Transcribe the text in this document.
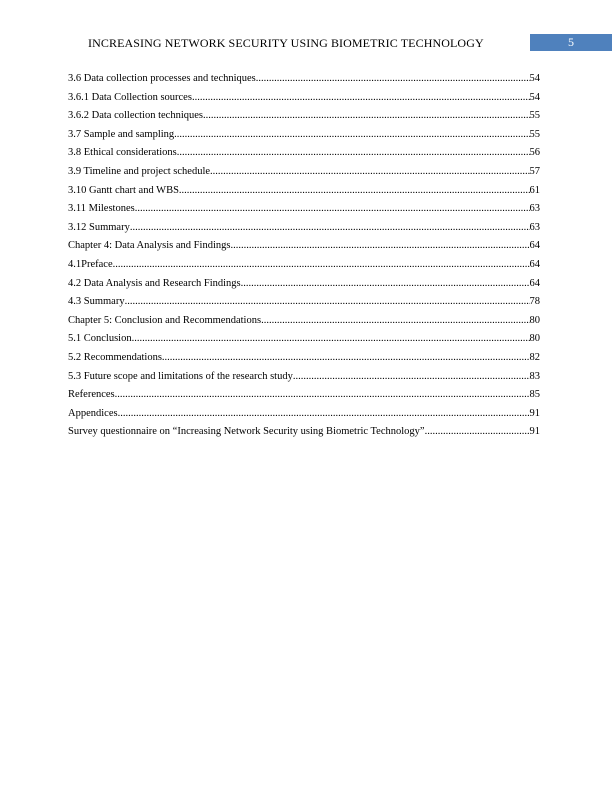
INCREASING NETWORK SECURITY USING BIOMETRIC TECHNOLOGY	5
3.6 Data collection processes and techniques .....	54
3.6.1 Data Collection sources .....	54
3.6.2 Data collection techniques .....	55
3.7 Sample and sampling .....	55
3.8 Ethical considerations .....	56
3.9 Timeline and project schedule .....	57
3.10 Gantt chart and WBS .....	61
3.11 Milestones .....	63
3.12 Summary .....	63
Chapter 4: Data Analysis and Findings .....	64
4.1Preface .....	64
4.2 Data Analysis and Research Findings .....	64
4.3 Summary .....	78
Chapter 5: Conclusion and Recommendations .....	80
5.1 Conclusion .....	80
5.2 Recommendations .....	82
5.3 Future scope and limitations of the research study .....	83
References .....	85
Appendices .....	91
Survey questionnaire on “Increasing Network Security using Biometric Technology” .....	91
